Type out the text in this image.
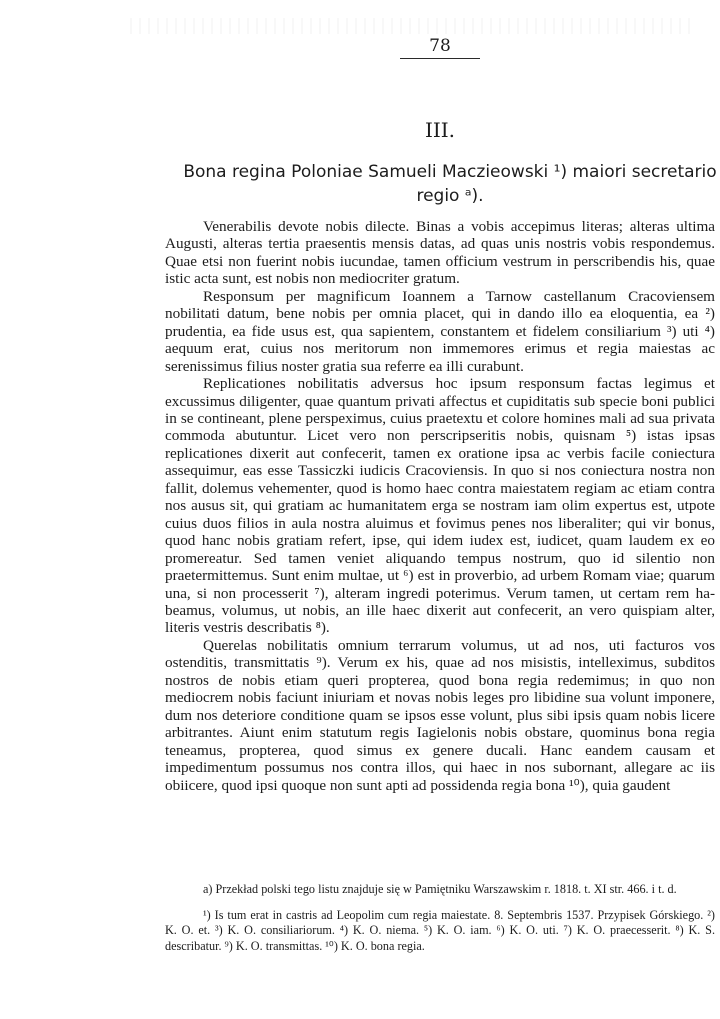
78
III.
Bona regina Poloniae Samueli Maczieowski ¹) maiori secretario regio ᵃ).

Venerabilis devote nobis dilecte. Binas a vobis accepimus literas; alteras ultima Augusti, alteras tertia praesentis mensis datas, ad quas unis nostris vobis respondemus. Quae etsi non fuerint nobis iucundae, tamen officium vestrum in perscribendis his, quae istic acta sunt, est nobis non mediocriter gratum.

Responsum per magnificum Ioannem a Tarnow castellanum Cracoviensem nobilitati datum, bene nobis per omnia placet, qui in dando illo ea eloquentia, ea ²) prudentia, ea fide usus est, qua sapientem, constantem et fidelem consiliarium ³) uti ⁴) aequum erat, cuius nos meritorum non immemores erimus et regia maiestas ac serenissimus filius noster gratia sua referre ea illi curabunt.

Replicationes nobilitatis adversus hoc ipsum responsum factas legimus et excussimus diligenter, quae quantum privati affectus et cupiditatis sub specie boni publici in se contineant, plene perspeximus, cuius praetextu et colore homines mali ad sua privata commoda abutuntur. Licet vero non perscripseritis nobis, quisnam ⁵) istas ipsas replicationes dixerit aut confecerit, tamen ex oratione ipsa ac verbis facile coniectura assequimur, eas esse Tassiczki iudicis Cracoviensis. In quo si nos coniectura nostra non fallit, dolemus vehementer, quod is homo haec contra maiestatem regiam ac etiam contra nos ausus sit, qui gratiam ac humanitatem erga se nostram iam olim expertus est, utpote cuius duos filios in aula nostra aluimus et fovimus penes nos liberaliter; qui vir bonus, quod hanc nobis gratiam refert, ipse, qui idem iudex est, iudicet, quam laudem ex eo promereatur. Sed tamen veniet aliquando tempus nostrum, quo id silentio non praetermittemus. Sunt enim multae, ut ⁶) est in proverbio, ad urbem Romam viae; quarum una, si non processerit ⁷), alteram ingredi poterimus. Verum tamen, ut certam rem habeamus, volumus, ut nobis, an ille haec dixerit aut confecerit, an vero quispiam alter, literis vestris describatis ⁸).

Querelas nobilitatis omnium terrarum volumus, ut ad nos, uti facturos vos ostenditis, transmittatis ⁹). Verum ex his, quae ad nos misistis, intelleximus, subditos nostros de nobis etiam queri propterea, quod bona regia redemimus; in quo non mediocrem nobis faciunt iniuriam et novas nobis leges pro libidine sua volunt imponere, dum nos deteriore conditione quam se ipsos esse volunt, plus sibi ipsis quam nobis licere arbitrantes. Aiunt enim statutum regis Iagielonis nobis obstare, quominus bona regia teneamus, propterea, quod simus ex genere ducali. Hanc eandem causam et impedimentum possumus nos contra illos, qui haec in nos subornant, allegare ac iis obiicere, quod ipsi quoque non sunt apti ad possidenda regia bona ¹⁰), quia gaudent

a) Przekład polski tego listu znajduje się w Pamiętniku Warszawskim r. 1818. t. XI str. 466. i t. d.

¹) Is tum erat in castris ad Leopolim cum regia maiestate. 8. Septembris 1537. Przypisek Górskiego. ²) K. O. et. ³) K. O. consiliariorum. ⁴) K. O. niema. ⁵) K. O. iam. ⁶) K. O. uti. ⁷) K. O. praecesserit. ⁸) K. S. describatur. ⁹) K. O. transmittas. ¹⁰) K. O. bona regia.
